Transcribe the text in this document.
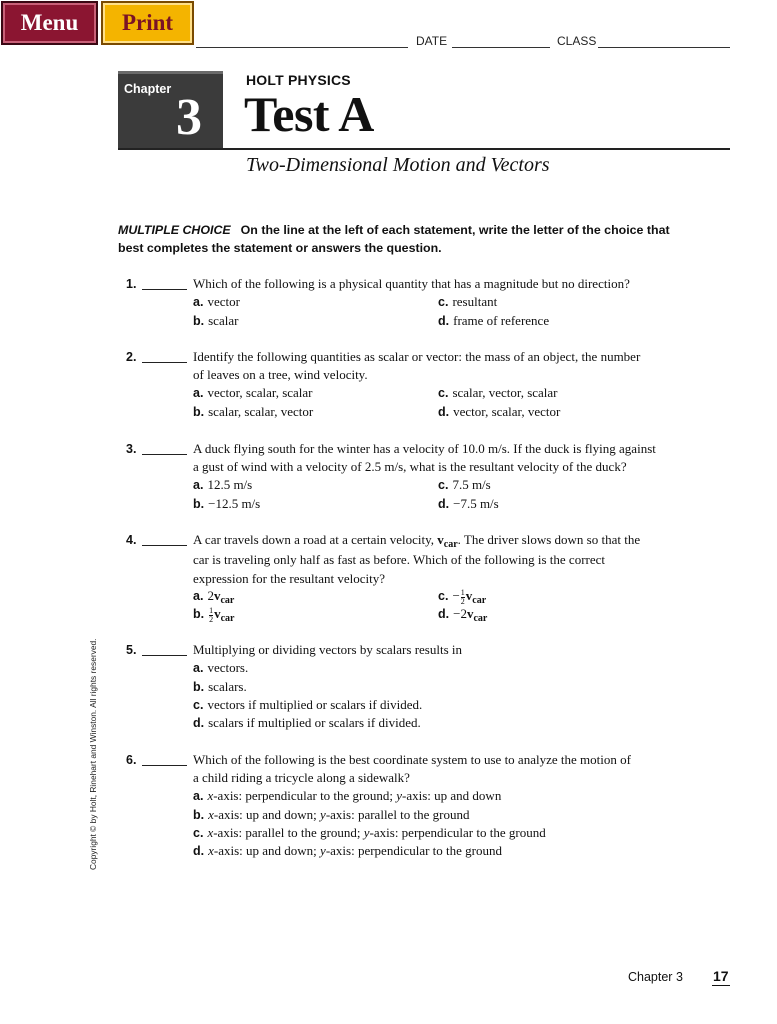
Menu	Print
DATE	CLASS
Chapter 3
HOLT PHYSICS
Test A
Two-Dimensional Motion and Vectors
MULTIPLE CHOICE On the line at the left of each statement, write the letter of the choice that best completes the statement or answers the question.
1.	Which of the following is a physical quantity that has a magnitude but no direction?
a. vector
b. scalar
c. resultant
d. frame of reference
2.	Identify the following quantities as scalar or vector: the mass of an object, the number
of leaves on a tree, wind velocity.
a. vector, scalar, scalar
b. scalar, scalar, vector
c. scalar, vector, scalar
d. vector, scalar, vector
3.	A duck flying south for the winter has a velocity of 10.0 m/s. If the duck is flying against
a gust of wind with a velocity of 2.5 m/s, what is the resultant velocity of the duck?
a. 12.5 m/s
b. −12.5 m/s
c. 7.5 m/s
d. −7.5 m/s
4.	A car travels down a road at a certain velocity, $v_{car}$. The driver slows down so that the
car is traveling only half as fast as before. Which of the following is the correct
expression for the resultant velocity?
a. $2v_{car}$
b. $\frac{1}{2} v_{car}$
c. − $\frac{1}{2} v_{car}$
d. $-2v_{car}$
5.	Multiplying or dividing vectors by scalars results in
a. vectors.
b. scalars.
c. vectors if multiplied or scalars if divided.
d. scalars if multiplied or scalars if divided.
6.	Which of the following is the best coordinate system to use to analyze the motion of
a child riding a tricycle along a sidewalk?
a. x-axis: perpendicular to the ground; y-axis: up and down
b. x-axis: up and down; y-axis: parallel to the ground
c. x-axis: parallel to the ground; y-axis: perpendicular to the ground
d. x-axis: up and down; y-axis: perpendicular to the ground
Copyright © by Holt, Rinehart and Winston. All rights reserved.
Chapter 3 17
